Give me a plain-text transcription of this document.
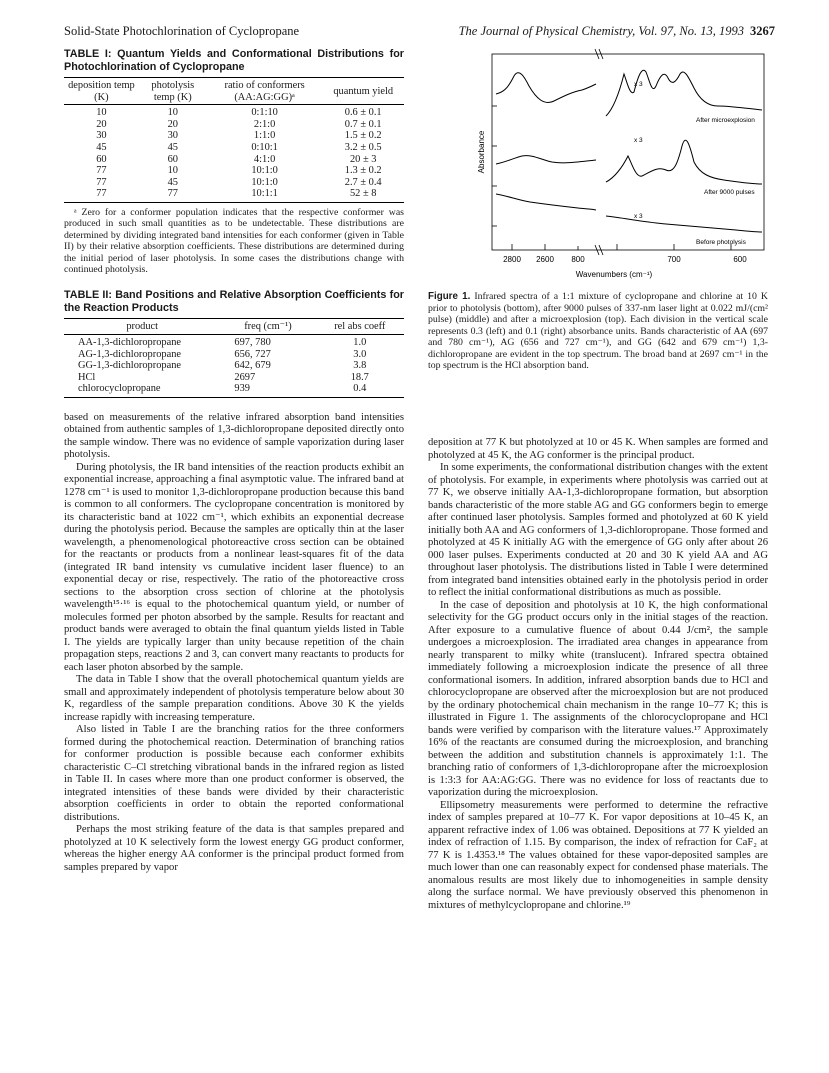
Solid-State Photochlorination of Cyclopropane	The Journal of Physical Chemistry, Vol. 97, No. 13, 1993 3267
TABLE I: Quantum Yields and Conformational Distributions for Photochlorination of Cyclopropane
deposition temp (K)	photolysis temp (K)	ratio of conformers (AA:AG:GG)ᵃ	quantum yield
10	10	0:1:10	0.6 ± 0.1
20	20	2:1:0	0.7 ± 0.1
30	30	1:1:0	1.5 ± 0.2
45	45	0:10:1	3.2 ± 0.5
60	60	4:1:0	20 ± 3
77	10	10:1:0	1.3 ± 0.2
77	45	10:1:0	2.7 ± 0.4
77	77	10:1:1	52 ± 8

ᵃ Zero for a conformer population indicates that the respective conformer was produced in such small quantities as to be undetectable. These distributions are determined by dividing integrated band intensities for each conformer (given in Table II) by their relative absorption coefficients. These distributions are determined during the initial period of laser photolysis. In some cases the distributions change with continued photolysis.

TABLE II: Band Positions and Relative Absorption Coefficients for the Reaction Products
product	freq (cm⁻¹)	rel abs coeff
AA-1,3-dichloropropane	697, 780	1.0
AG-1,3-dichloropropane	656, 727	3.0
GG-1,3-dichloropropane	642, 679	3.8
HCl	2697	18.7
chlorocyclopropane	939	0.4

based on measurements of the relative infrared absorption band intensities obtained from authentic samples of 1,3-dichloropropane deposited directly onto the sample window. There was no evidence of sample vaporization during laser photolysis.

During photolysis, the IR band intensities of the reaction products exhibit an exponential increase, approaching a final asymptotic value. The infrared band at 1278 cm⁻¹ is used to monitor 1,3-dichloropropane production because this band is common to all conformers. The cyclopropane concentration is monitored by its characteristic band at 1022 cm⁻¹, which exhibits an exponential decrease during the photolysis period. Because the samples are optically thin at the laser wavelength, a phenomenological photoreactive cross section can be obtained for the reactants or products from a nonlinear least-squares fit of the data (integrated IR band intensity vs cumulative incident laser fluence) to an exponential decay or rise, respectively. The ratio of the photoreactive cross sections to the absorption cross section of chlorine at the photolysis wavelength¹⁵·¹⁶ is equal to the photochemical quantum yield, or number of molecules formed per photon absorbed by the sample. Results for reactant and product bands were averaged to obtain the final quantum yields listed in Table I. The yields are typically larger than unity because repetition of the chain propagation steps, reactions 2 and 3, can convert many reactants to products for each laser photon absorbed by the sample.

The data in Table I show that the overall photochemical quantum yields are small and approximately independent of photolysis temperature below about 30 K, regardless of the sample preparation conditions. Above 30 K the yields increase rapidly with increasing temperature.

Also listed in Table I are the branching ratios for the three conformers formed during the photochemical reaction. Determination of branching ratios for conformer production is possible because each conformer exhibits characteristic C–Cl stretching vibrational bands in the infrared region as listed in Table II. In cases where more than one product conformer is observed, the integrated intensities of these bands were divided by their characteristic absorption coefficients in order to obtain the reported conformational distributions.

Perhaps the most striking feature of the data is that samples prepared and photolyzed at 10 K selectively form the lowest energy GG product conformer, whereas the higher energy AA conformer is the principal product formed from samples prepared by vapor

x 3
x 3
x 3
After microexplosion
After 9000 pulses
Before photolysis
Absorbance
2800 2600 800	700	600
Wavenumbers (cm⁻¹)
Figure 1. Infrared spectra of a 1:1 mixture of cyclopropane and chlorine at 10 K prior to photolysis (bottom), after 9000 pulses of 337-nm laser light at 0.022 mJ/(cm² pulse) (middle) and after a microexplosion (top). Each division in the vertical scale represents 0.3 (left) and 0.1 (right) absorbance units. Bands characteristic of AA (697 and 780 cm⁻¹), AG (656 and 727 cm⁻¹), and GG (642 and 679 cm⁻¹) 1,3-dichloropropane are evident in the top spectrum. The broad band at 2697 cm⁻¹ in the top spectrum is the HCl absorption band.

deposition at 77 K but photolyzed at 10 or 45 K. When samples are formed and photolyzed at 45 K, the AG conformer is the principal product.

In some experiments, the conformational distribution changes with the extent of photolysis. For example, in experiments where photolysis was carried out at 77 K, we observe initially AA-1,3-dichloropropane formation, but absorption bands characteristic of the more stable AG and GG conformers begin to emerge after continued laser photolysis. Samples formed and photolyzed at 60 K yield initially both AA and AG conformers of 1,3-dichloropropane. Those formed and photolyzed at 45 K initially AG with the emergence of GG only after about 26 000 laser pulses. Experiments conducted at 20 and 30 K yield AA and AG throughout laser photolysis. The distributions listed in Table I were determined from integrated band intensities obtained early in the photolysis period in order to reflect the initial conformational distributions as much as possible.

In the case of deposition and photolysis at 10 K, the high conformational selectivity for the GG product occurs only in the initial stages of the reaction. After exposure to a cumulative fluence of about 0.44 J/cm², the sample undergoes a microexplosion. The irradiated area changes in appearance from nearly transparent to milky white (translucent). Infrared spectra obtained immediately following a microexplosion indicate the presence of all three conformational isomers. In addition, infrared absorption bands due to HCl and chlorocyclopropane are observed after the microexplosion but are not produced by the ordinary photochemical chain mechanism in the range 10–77 K; this is illustrated in Figure 1. The assignments of the chlorocyclopropane and HCl bands were verified by comparison with the literature values.¹⁷ Approximately 16% of the reactants are consumed during the microexplosion, and branching between the addition and substitution channels is approximately 1:1. The branching ratio of conformers of 1,3-dichloropropane after the microexplosion is 1:3:3 for AA:AG:GG. There was no evidence for loss of reactants due to vaporization during the microexplosion.

Ellipsometry measurements were performed to determine the refractive index of samples prepared at 10–77 K. For vapor depositions at 10–45 K, an apparent refractive index of 1.06 was obtained. Depositions at 77 K yielded an index of refraction of 1.15. By comparison, the index of refraction for CaF₂ at 77 K is 1.4353.¹⁸ The values obtained for these vapor-deposited samples are much lower than one can reasonably expect for condensed phase materials. The anomalous results are most likely due to inhomogeneities in sample density along the surface normal. We have previously observed this phenomenon in mixtures of methylcyclopropane and chlorine.¹⁹
